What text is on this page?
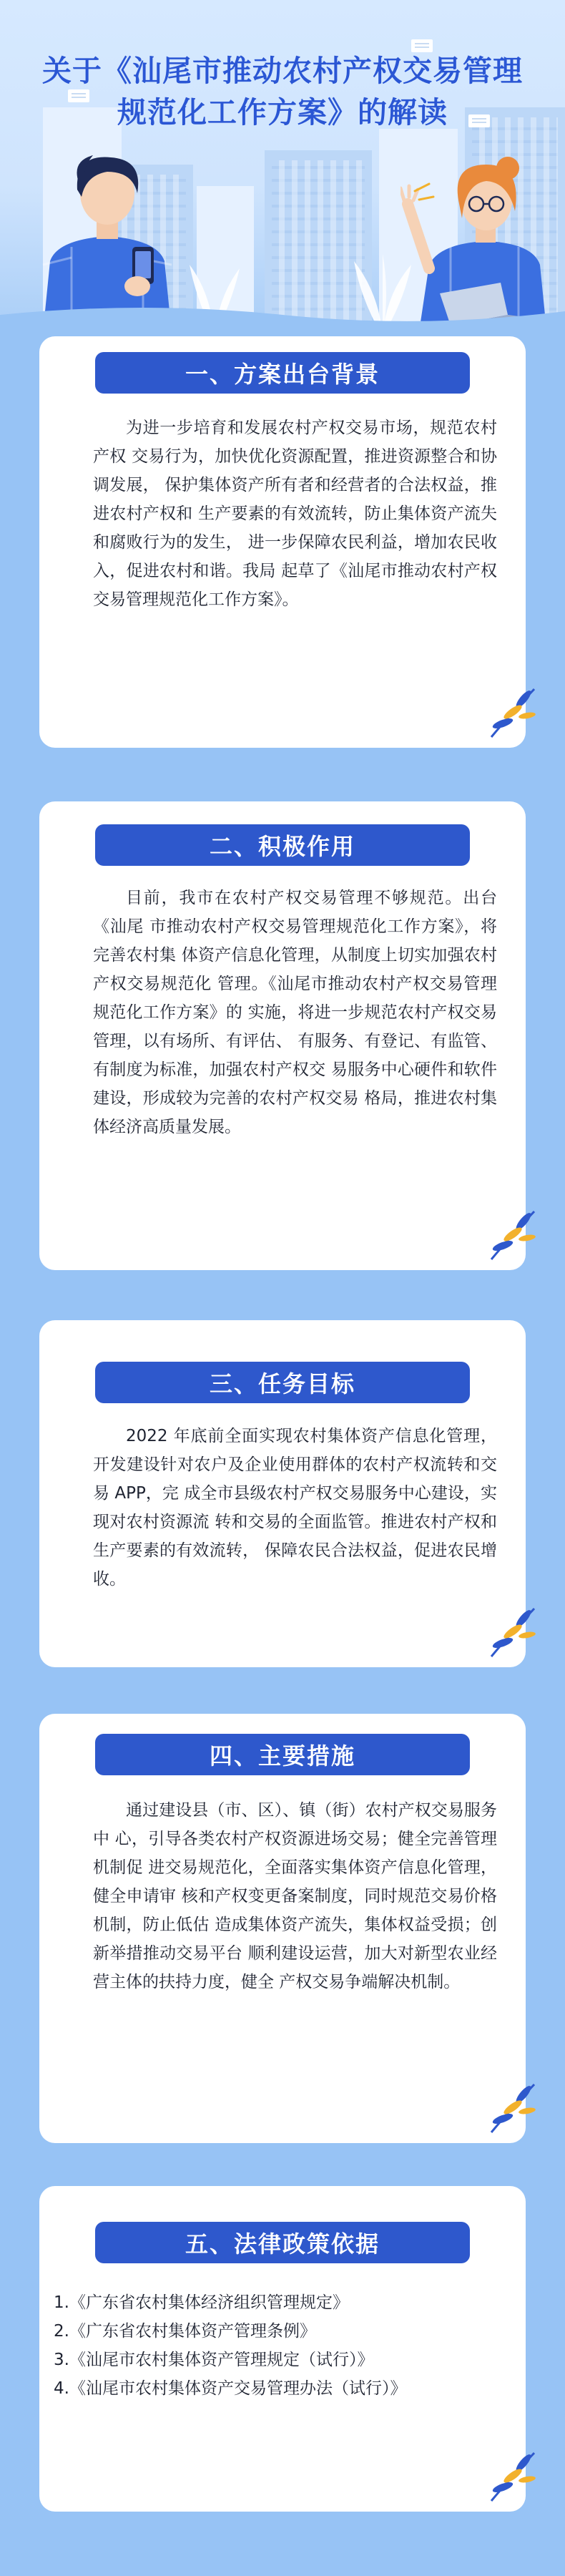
关于《汕尾市推动农村产权交易管理
规范化工作方案》的解读
一、方案出台背景

为进一步培育和发展农村产权交易市场，规范农村产权 交易行为，加快优化资源配置，推进资源整合和协调发展， 保护集体资产所有者和经营者的合法权益，推进农村产权和 生产要素的有效流转，防止集体资产流失和腐败行为的发生， 进一步保障农民利益，增加农民收入，促进农村和谐。我局 起草了《汕尾市推动农村产权交易管理规范化工作方案》。

二、积极作用

目前，我市在农村产权交易管理不够规范。出台《汕尾 市推动农村产权交易管理规范化工作方案》，将完善农村集 体资产信息化管理，从制度上切实加强农村产权交易规范化 管理。《汕尾市推动农村产权交易管理规范化工作方案》的 实施，将进一步规范农村产权交易管理，以有场所、有评估、 有服务、有登记、有监管、有制度为标准，加强农村产权交 易服务中心硬件和软件建设，形成较为完善的农村产权交易 格局，推进农村集体经济高质量发展。

三、任务目标

2022 年底前全面实现农村集体资产信息化管理，开发建设针对农户及企业使用群体的农村产权流转和交易 APP，完 成全市县级农村产权交易服务中心建设，实现对农村资源流 转和交易的全面监管。推进农村产权和生产要素的有效流转， 保障农民合法权益，促进农民增收。

四、主要措施

通过建设县（市、区）、镇（街）农村产权交易服务中 心，引导各类农村产权资源进场交易；健全完善管理机制促 进交易规范化，全面落实集体资产信息化管理，健全申请审 核和产权变更备案制度，同时规范交易价格机制，防止低估 造成集体资产流失，集体权益受损；创新举措推动交易平台 顺利建设运营，加大对新型农业经营主体的扶持力度，健全 产权交易争端解决机制。

五、法律政策依据
1.《广东省农村集体经济组织管理规定》
2.《广东省农村集体资产管理条例》
3.《汕尾市农村集体资产管理规定（试行）》
4.《汕尾市农村集体资产交易管理办法（试行）》
